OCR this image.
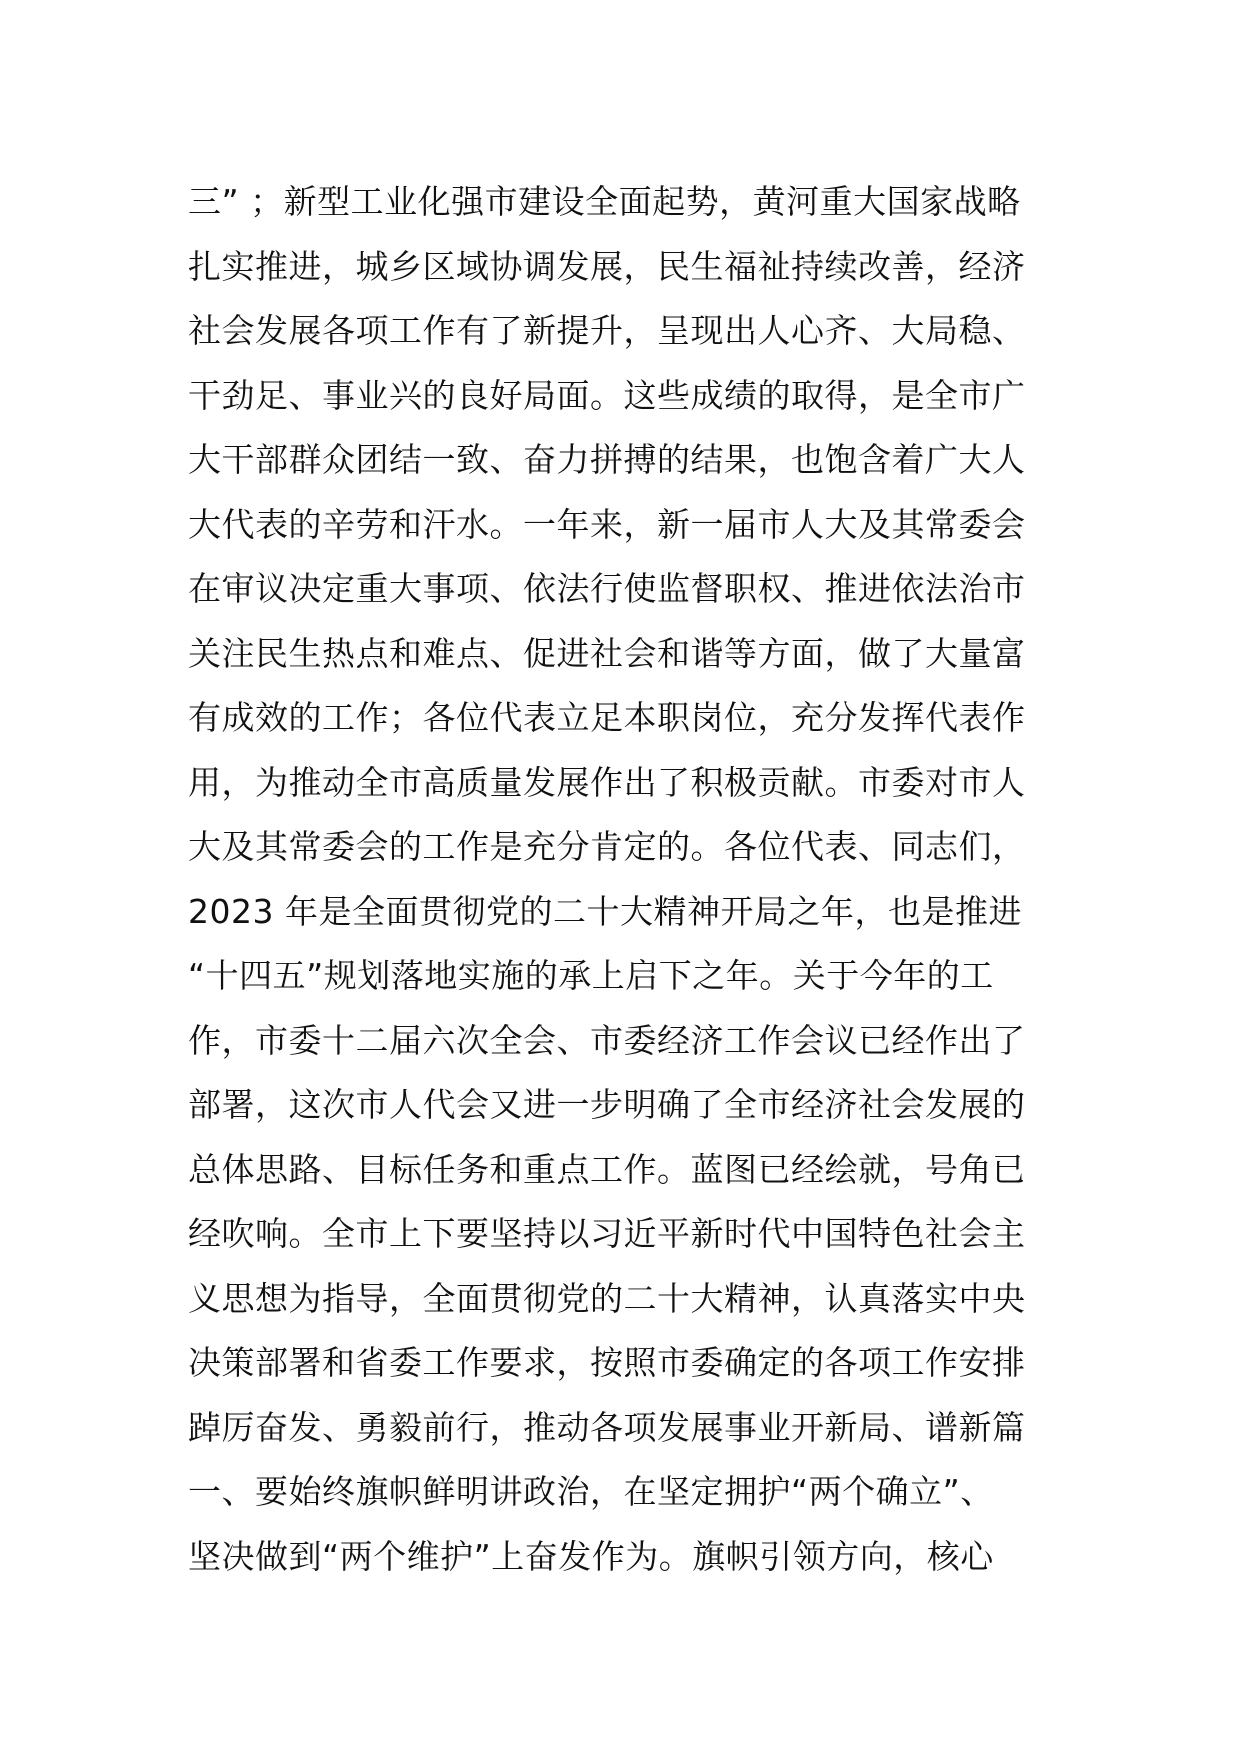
三” ；新型工业化强市建设全面起势，黄河重大国家战略
扎实推进，城乡区域协调发展，民生福祉持续改善，经济
社会发展各项工作有了新提升，呈现出人心齐、大局稳、
干劲足、事业兴的良好局面。这些成绩的取得，是全市广
大干部群众团结一致、奋力拼搏的结果，也饱含着广大人
大代表的辛劳和汗水。一年来，新一届市人大及其常委会
在审议决定重大事项、依法行使监督职权、推进依法治市
关注民生热点和难点、促进社会和谐等方面，做了大量富
有成效的工作；各位代表立足本职岗位，充分发挥代表作
用，为推动全市高质量发展作出了积极贡献。市委对市人
大及其常委会的工作是充分肯定的。各位代表、同志们，
2023 年是全面贯彻党的二十大精神开局之年，也是推进
“十四五”规划落地实施的承上启下之年。关于今年的工
作，市委十二届六次全会、市委经济工作会议已经作出了
部署，这次市人代会又进一步明确了全市经济社会发展的
总体思路、目标任务和重点工作。蓝图已经绘就，号角已
经吹响。全市上下要坚持以习近平新时代中国特色社会主
义思想为指导，全面贯彻党的二十大精神，认真落实中央
决策部署和省委工作要求，按照市委确定的各项工作安排
踔厉奋发、勇毅前行，推动各项发展事业开新局、谱新篇
一、要始终旗帜鲜明讲政治，在坚定拥护“两个确立”、
坚决做到“两个维护”上奋发作为。旗帜引领方向，核心
